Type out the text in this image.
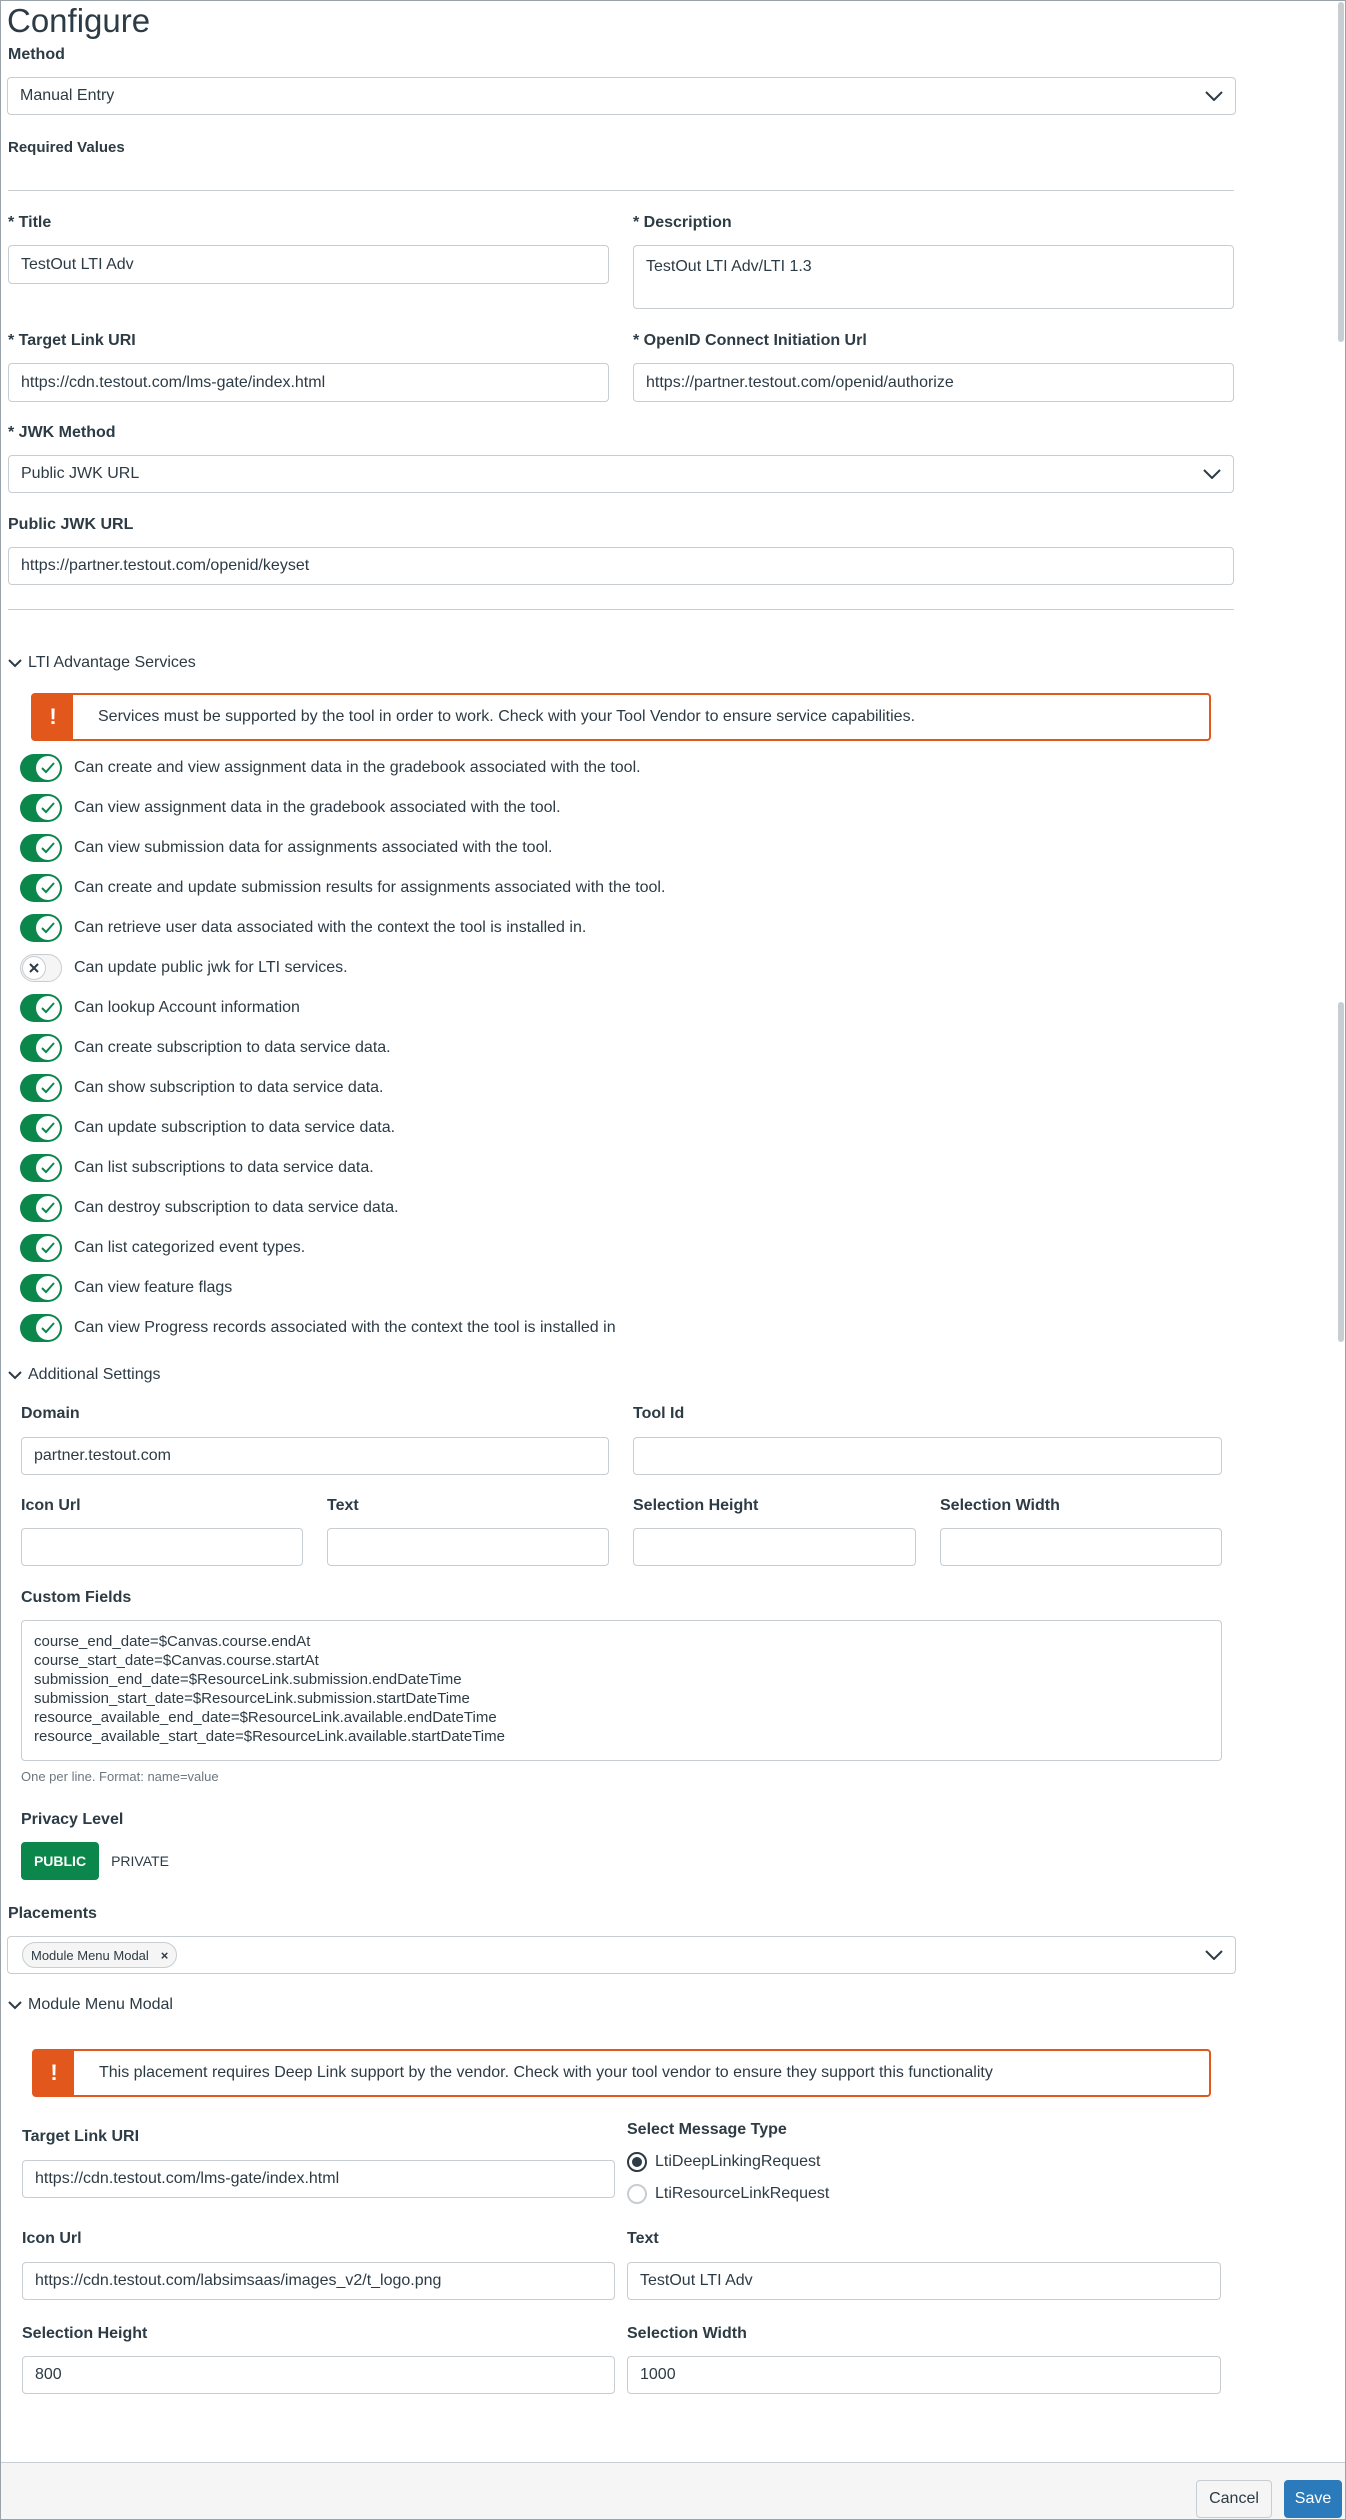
Configure
Method
Manual Entry
Required Values
* Title
TestOut LTI Adv
* Description
TestOut LTI Adv/LTI 1.3
* Target Link URI
https://cdn.testout.com/lms-gate/index.html
* OpenID Connect Initiation Url
https://partner.testout.com/openid/authorize
* JWK Method
Public JWK URL
Public JWK URL
https://partner.testout.com/openid/keyset
LTI Advantage Services
!	Services must be supported by the tool in order to work. Check with your Tool Vendor to ensure service capabilities.
Can create and view assignment data in the gradebook associated with the tool.
Can view assignment data in the gradebook associated with the tool.
Can view submission data for assignments associated with the tool.
Can create and update submission results for assignments associated with the tool.
Can retrieve user data associated with the context the tool is installed in.
Can update public jwk for LTI services.
Can lookup Account information
Can create subscription to data service data.
Can show subscription to data service data.
Can update subscription to data service data.
Can list subscriptions to data service data.
Can destroy subscription to data service data.
Can list categorized event types.
Can view feature flags
Can view Progress records associated with the context the tool is installed in
Additional Settings
Domain
partner.testout.com
Tool Id
Icon Url	Text	Selection Height	Selection Width
Custom Fields
course_end_date=$Canvas.course.endAt
course_start_date=$Canvas.course.startAt
submission_end_date=$ResourceLink.submission.endDateTime
submission_start_date=$ResourceLink.submission.startDateTime
resource_available_end_date=$ResourceLink.available.endDateTime
resource_available_start_date=$ResourceLink.available.startDateTime
One per line. Format: name=value
Privacy Level
PUBLIC	PRIVATE
Placements
Module Menu Modal ×
Module Menu Modal
!	This placement requires Deep Link support by the vendor. Check with your tool vendor to ensure they support this functionality
Target Link URI
https://cdn.testout.com/lms-gate/index.html
Select Message Type
LtiDeepLinkingRequest
LtiResourceLinkRequest
Icon Url
https://cdn.testout.com/labsimsaas/images_v2/t_logo.png
Text
TestOut LTI Adv
Selection Height
800
Selection Width
1000
Cancel	Save
